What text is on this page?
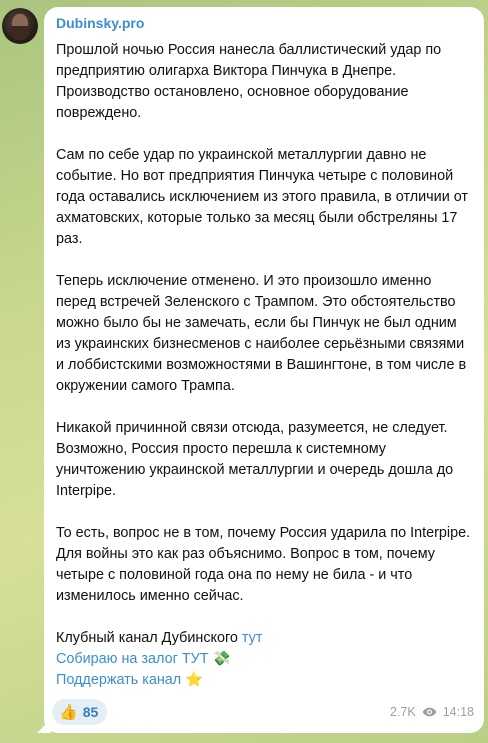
Dubinsky.pro

Прошлой ночью Россия нанесла баллистический удар по предприятию олигарха Виктора Пинчука в Днепре. Производство остановлено, основное оборудование повреждено.

Сам по себе удар по украинской металлургии давно не событие. Но вот предприятия Пинчука четыре с половиной года оставались исключением из этого правила, в отличии от ахматовских, которые только за месяц были обстреляны 17 раз.

Теперь исключение отменено. И это произошло именно перед встречей Зеленского с Трампом. Это обстоятельство можно было бы не замечать, если бы Пинчук не был одним из украинских бизнесменов с наиболее серьёзными связями и лоббистскими возможностями в Вашингтоне, в том числе в окружении самого Трампа.

Никакой причинной связи отсюда, разумеется, не следует. Возможно, Россия просто перешла к системному уничтожению украинской металлургии и очередь дошла до Interpipe.

То есть, вопрос не в том, почему Россия ударила по Interpipe. Для войны это как раз объяснимо. Вопрос в том, почему четыре с половиной года она по нему не била - и что изменилось именно сейчас.

Клубный канал Дубинского тут

Собираю на залог ТУТ 💸

Поддержать канал ⭐

👍 85	2.7K 14:18
